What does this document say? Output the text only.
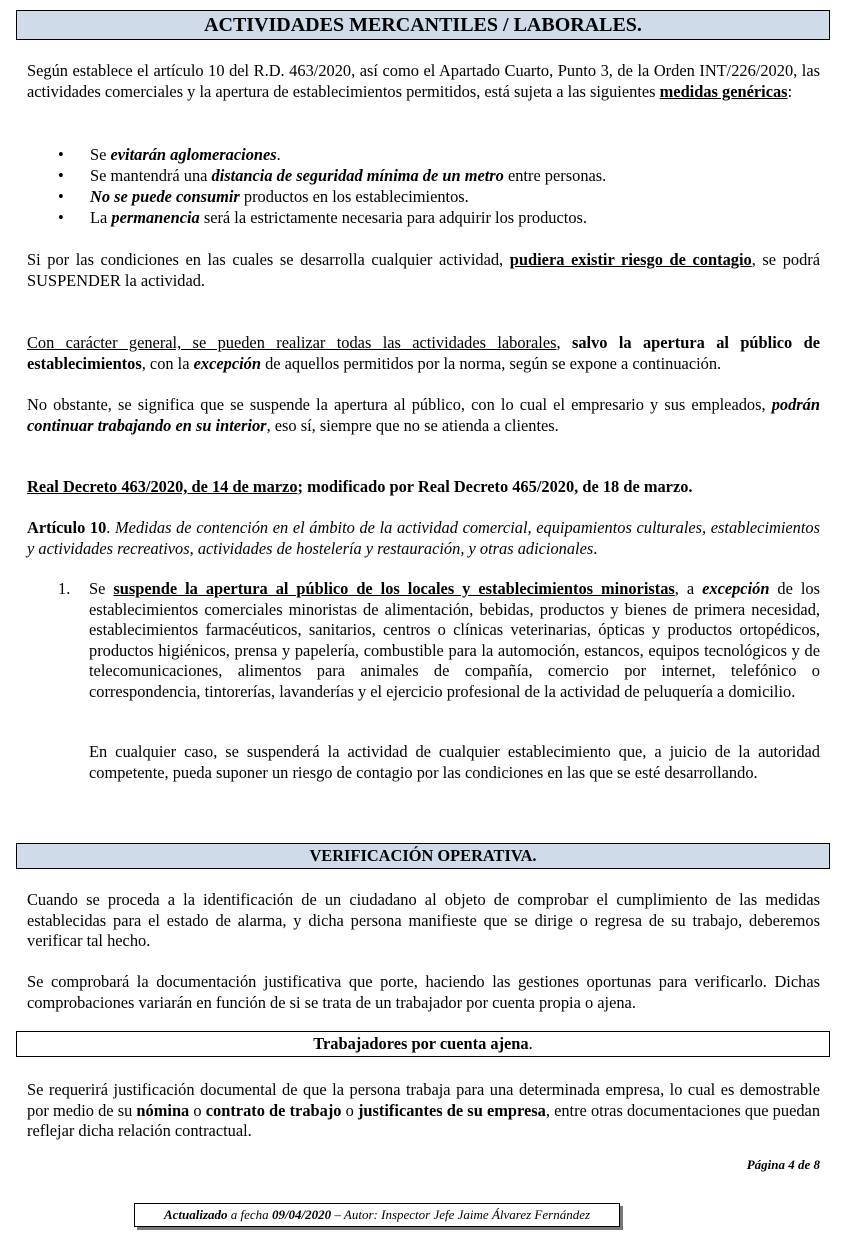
ACTIVIDADES MERCANTILES / LABORALES.

Según establece el artículo 10 del R.D. 463/2020, así como el Apartado Cuarto, Punto 3, de la Orden INT/226/2020, las actividades comerciales y la apertura de establecimientos permitidos, está sujeta a las siguientes medidas genéricas:

• Se evitarán aglomeraciones.
• Se mantendrá una distancia de seguridad mínima de un metro entre personas.
• No se puede consumir productos en los establecimientos.
• La permanencia será la estrictamente necesaria para adquirir los productos.

Si por las condiciones en las cuales se desarrolla cualquier actividad, pudiera existir riesgo de contagio, se podrá SUSPENDER la actividad.

Con carácter general, se pueden realizar todas las actividades laborales, salvo la apertura al público de establecimientos, con la excepción de aquellos permitidos por la norma, según se expone a continuación.

No obstante, se significa que se suspende la apertura al público, con lo cual el empresario y sus empleados, podrán continuar trabajando en su interior, eso sí, siempre que no se atienda a clientes.

Real Decreto 463/2020, de 14 de marzo; modificado por Real Decreto 465/2020, de 18 de marzo.

Artículo 10. Medidas de contención en el ámbito de la actividad comercial, equipamientos culturales, establecimientos y actividades recreativos, actividades de hostelería y restauración, y otras adicionales.

1. Se suspende la apertura al público de los locales y establecimientos minoristas, a excepción de los establecimientos comerciales minoristas de alimentación, bebidas, productos y bienes de primera necesidad, establecimientos farmacéuticos, sanitarios, centros o clínicas veterinarias, ópticas y productos ortopédicos, productos higiénicos, prensa y papelería, combustible para la automoción, estancos, equipos tecnológicos y de telecomunicaciones, alimentos para animales de compañía, comercio por internet, telefónico o correspondencia, tintorerías, lavanderías y el ejercicio profesional de la actividad de peluquería a domicilio.

En cualquier caso, se suspenderá la actividad de cualquier establecimiento que, a juicio de la autoridad competente, pueda suponer un riesgo de contagio por las condiciones en las que se esté desarrollando.

VERIFICACIÓN OPERATIVA.

Cuando se proceda a la identificación de un ciudadano al objeto de comprobar el cumplimiento de las medidas establecidas para el estado de alarma, y dicha persona manifieste que se dirige o regresa de su trabajo, deberemos verificar tal hecho.

Se comprobará la documentación justificativa que porte, haciendo las gestiones oportunas para verificarlo. Dichas comprobaciones variarán en función de si se trata de un trabajador por cuenta propia o ajena.

Trabajadores por cuenta ajena.

Se requerirá justificación documental de que la persona trabaja para una determinada empresa, lo cual es demostrable por medio de su nómina o contrato de trabajo o justificantes de su empresa, entre otras documentaciones que puedan reflejar dicha relación contractual.

Página 4 de 8
Actualizado a fecha 09/04/2020 – Autor: Inspector Jefe Jaime Álvarez Fernández
